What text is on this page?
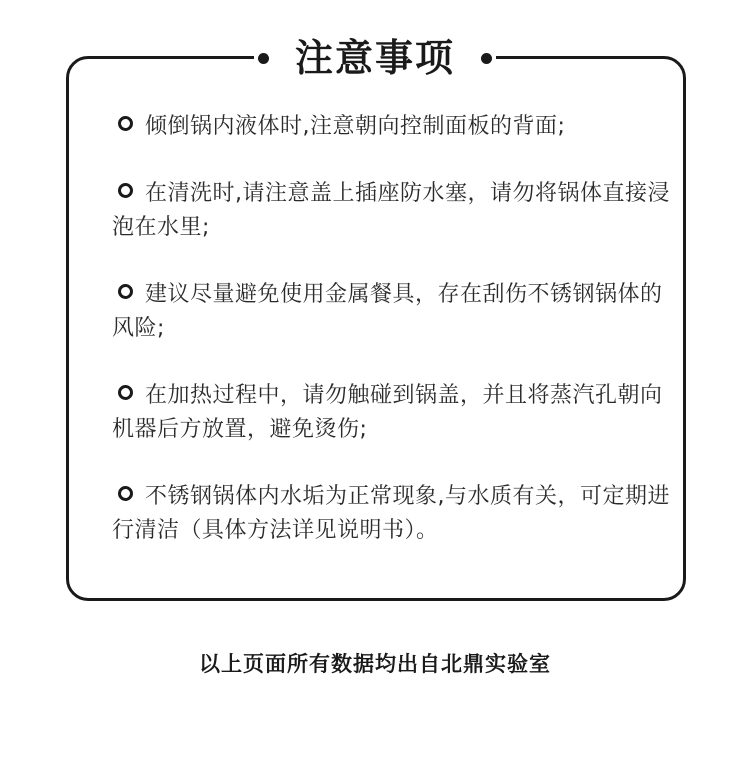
注意事项
倾倒锅内液体时,注意朝向控制面板的背面;
在清洗时,请注意盖上插座防水塞，请勿将锅体直接浸泡在水里;
建议尽量避免使用金属餐具，存在刮伤不锈钢锅体的风险;
在加热过程中，请勿触碰到锅盖，并且将蒸汽孔朝向机器后方放置，避免烫伤;
不锈钢锅体内水垢为正常现象,与水质有关，可定期进行清洁（具体方法详见说明书）。
以上页面所有数据均出自北鼎实验室
